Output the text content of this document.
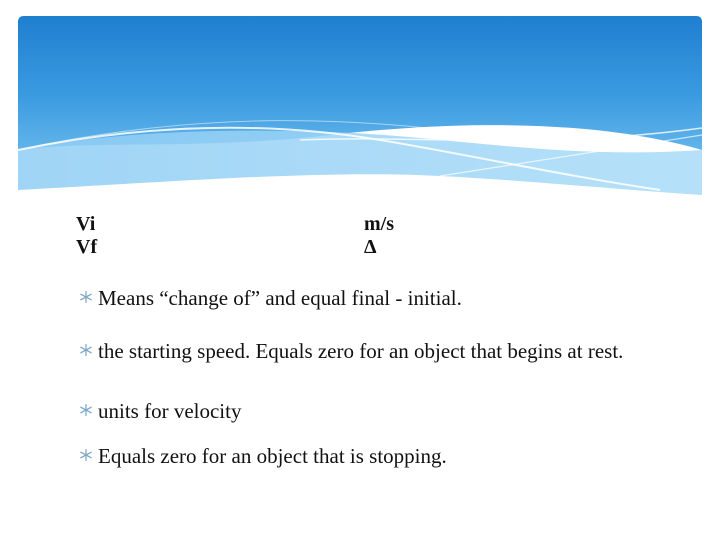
Vi
Vf
m/s
Δ
Means “change of” and equal final - initial.
the starting speed. Equals zero for an object that begins at rest.
units for velocity
Equals zero for an object that is stopping.
